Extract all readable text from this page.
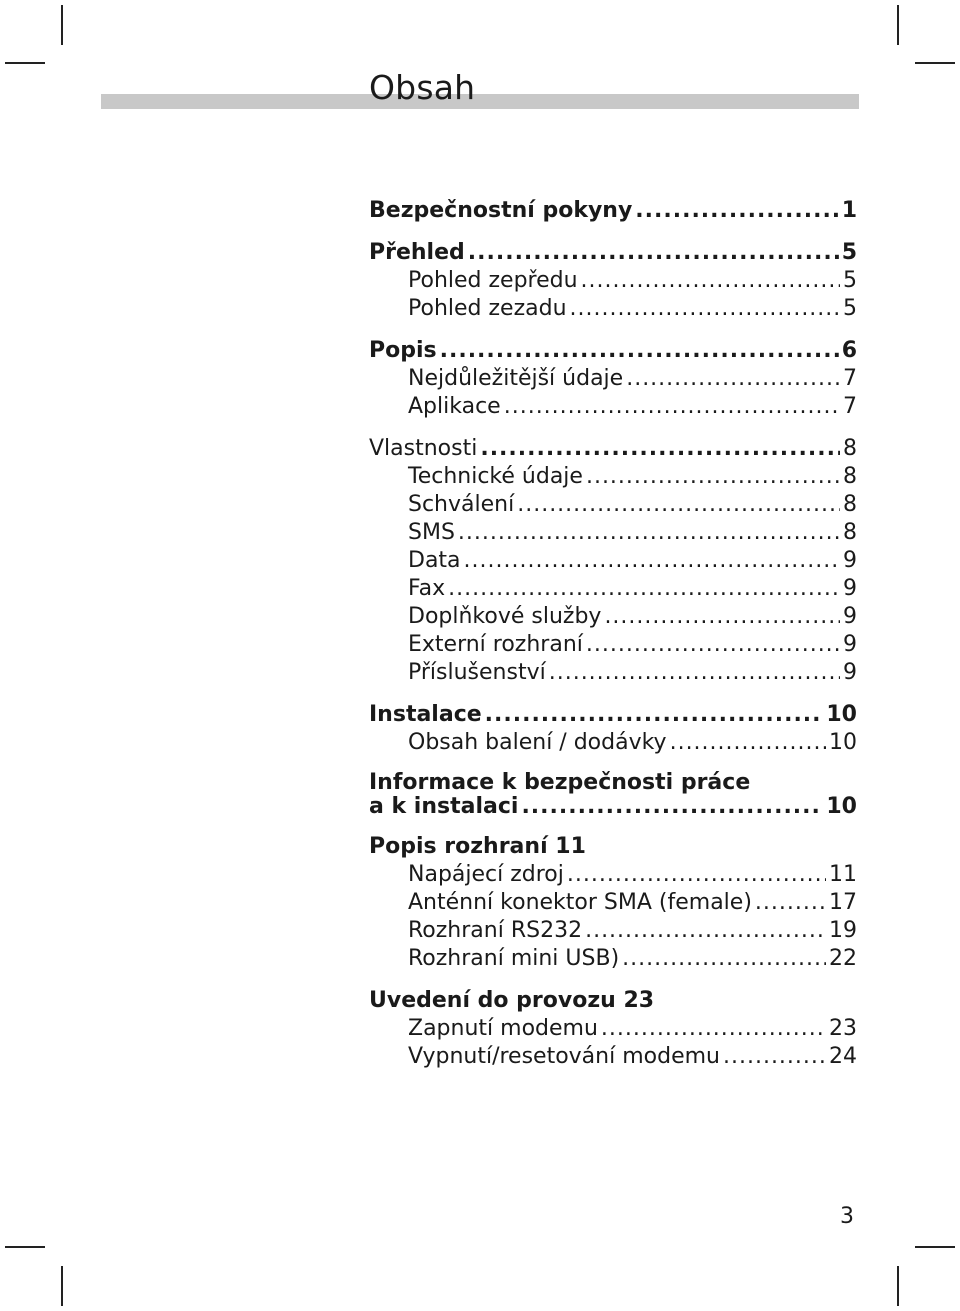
Obsah
Bezpečnostní pokyny .....	1
Přehled .....	5
Pohled zepředu .....	5
Pohled zezadu .....	5
Popis .....	6
Nejdůležitější údaje .....	7
Aplikace .....	7
Vlastnosti .....	8
Technické údaje .....	8
Schválení .....	8
SMS .....	8
Data .....	9
Fax .....	9
Doplňkové služby .....	9
Externí rozhraní .....	9
Příslušenství .....	9
Instalace .....	10
Obsah balení / dodávky .....	10
Informace k bezpečnosti práce
a k instalaci .....	10
Popis rozhraní 11
Napájecí zdroj .....	11
Anténní konektor SMA (female) .....	17
Rozhraní RS232 .....	19
Rozhraní mini USB) .....	22
Uvedení do provozu 23
Zapnutí modemu .....	23
Vypnutí/resetování modemu .....	24
3
